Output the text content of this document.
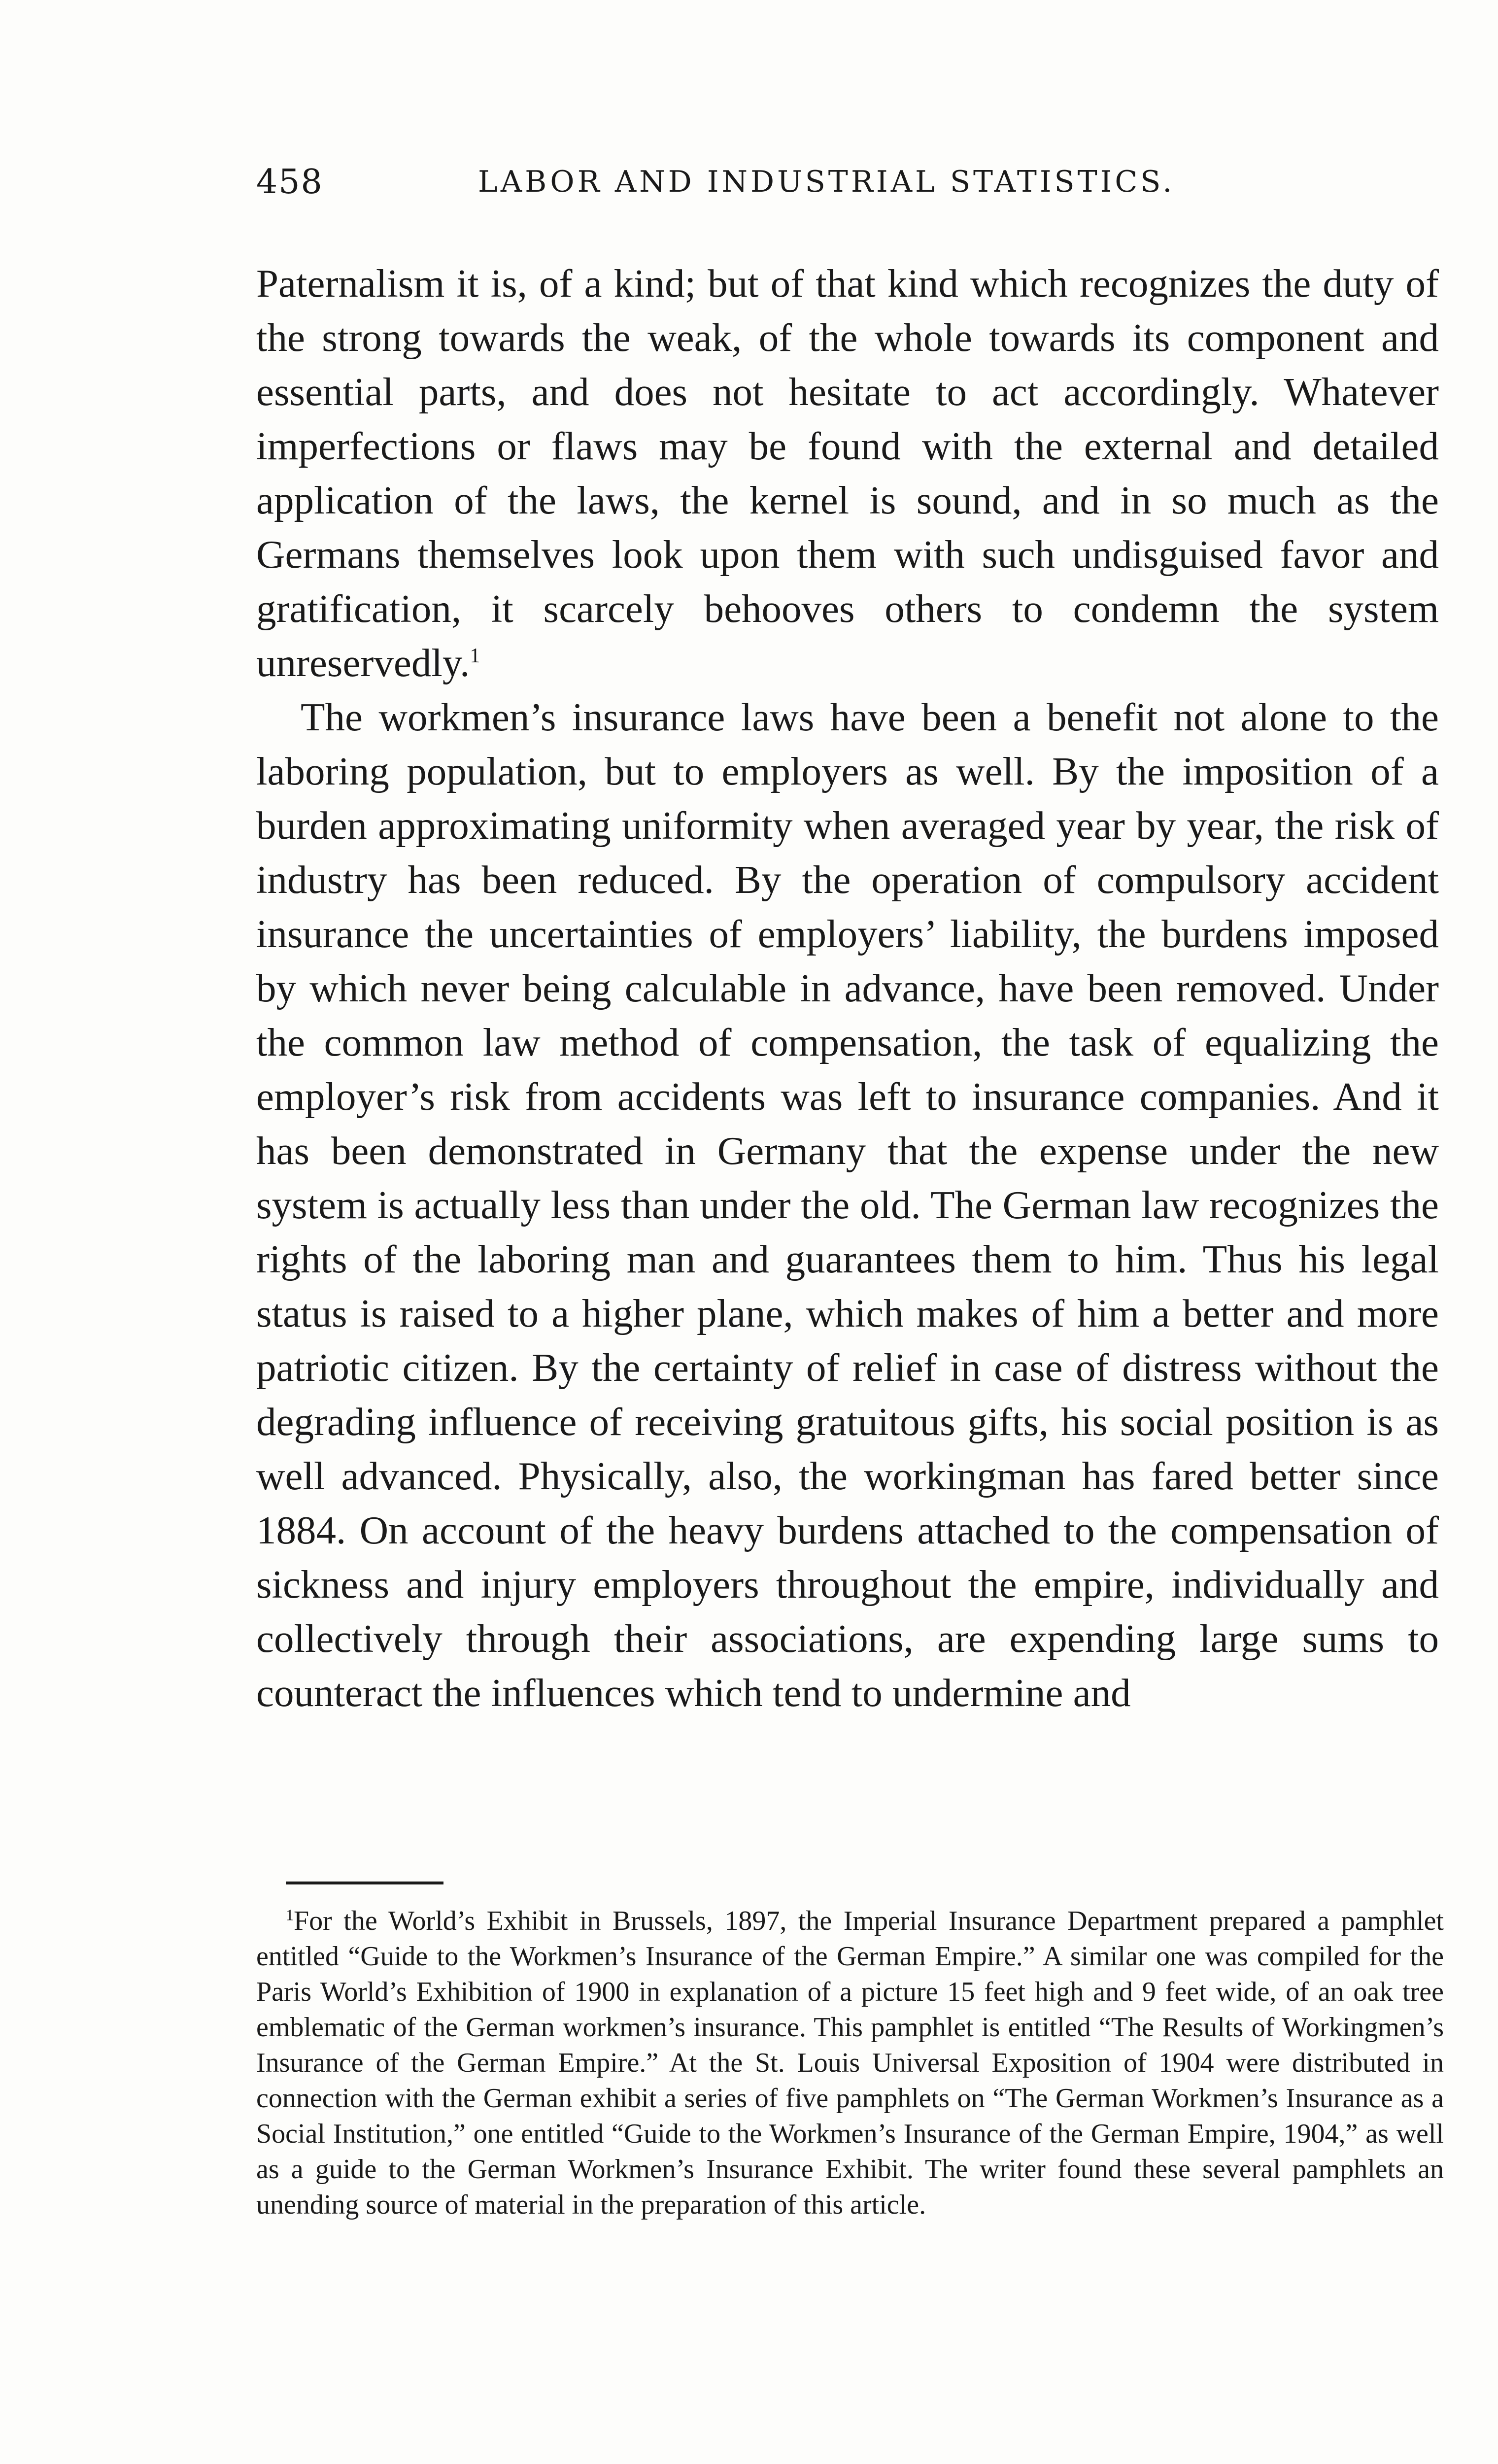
458	LABOR AND INDUSTRIAL STATISTICS.

Paternalism it is, of a kind; but of that kind which recognizes the duty of the strong towards the weak, of the whole towards its component and essential parts, and does not hesitate to act accordingly. Whatever imperfections or flaws may be found with the external and detailed application of the laws, the kernel is sound, and in so much as the Germans themselves look upon them with such undisguised favor and gratification, it scarcely behooves others to condemn the system unreservedly.$^1$

The workmen’s insurance laws have been a benefit not alone to the laboring population, but to employers as well. By the imposition of a burden approximating uniformity when averaged year by year, the risk of industry has been reduced. By the operation of compulsory accident insurance the uncertainties of employers’ liability, the burdens imposed by which never being calculable in advance, have been removed. Under the common law method of compensation, the task of equalizing the employer’s risk from accidents was left to insurance companies. And it has been demonstrated in Germany that the expense under the new system is actually less than under the old. The German law recognizes the rights of the laboring man and guarantees them to him. Thus his legal status is raised to a higher plane, which makes of him a better and more patriotic citizen. By the certainty of relief in case of distress without the degrading influence of receiving gratuitous gifts, his social position is as well advanced. Physically, also, the workingman has fared better since 1884. On account of the heavy burdens attached to the compensation of sickness and injury employers throughout the empire, individually and collectively through their associations, are expending large sums to counteract the influences which tend to undermine and

$^1$For the World’s Exhibit in Brussels, 1897, the Imperial Insurance Department prepared a pamphlet entitled “Guide to the Workmen’s Insurance of the German Empire.” A similar one was compiled for the Paris World’s Exhibition of 1900 in explanation of a picture 15 feet high and 9 feet wide, of an oak tree emblematic of the German workmen’s insurance. This pamphlet is entitled “The Results of Workingmen’s Insurance of the German Empire.” At the St. Louis Universal Exposition of 1904 were distributed in connection with the German exhibit a series of five pamphlets on “The German Workmen’s Insurance as a Social Institution,” one entitled “Guide to the Workmen’s Insurance of the German Empire, 1904,” as well as a guide to the German Workmen’s Insurance Exhibit. The writer found these several pamphlets an unending source of material in the preparation of this article.
